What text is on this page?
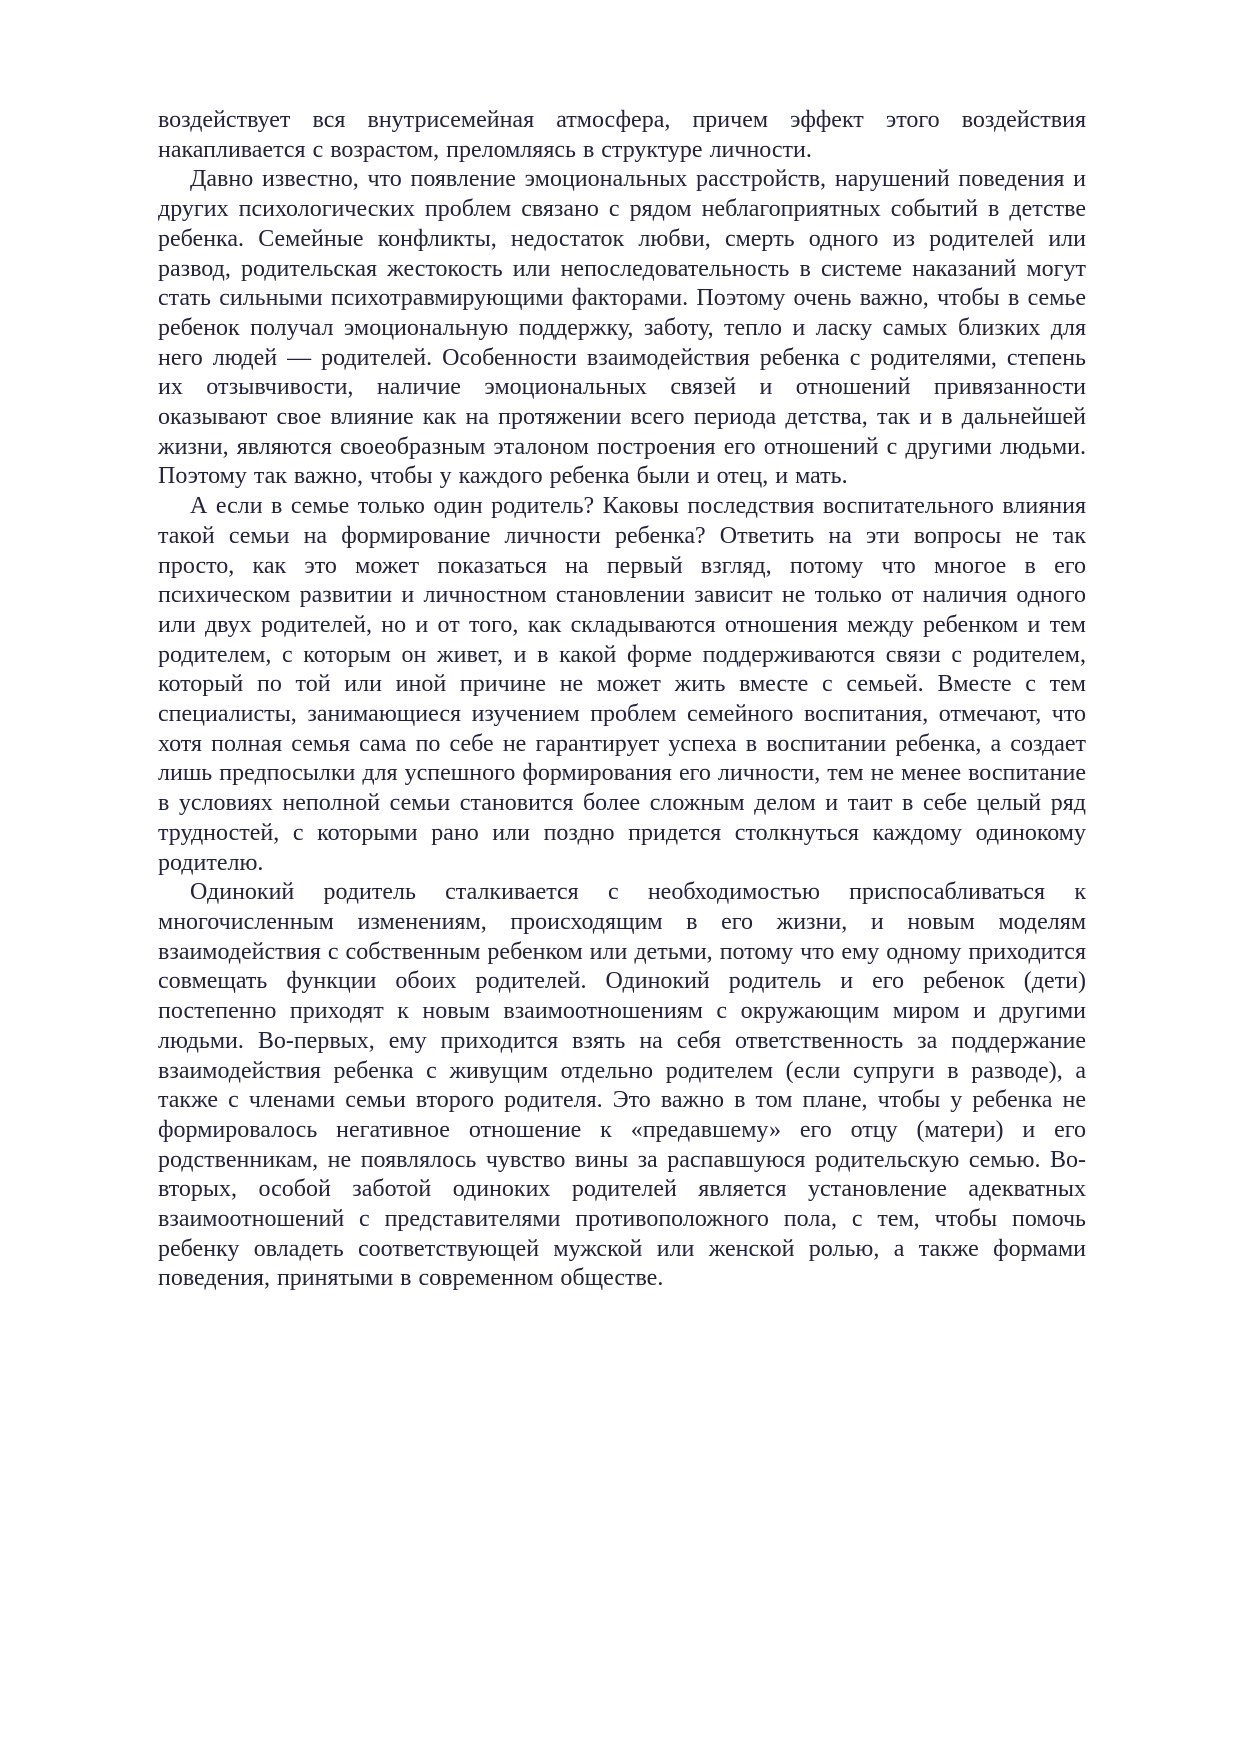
воздействует вся внутрисемейная атмосфера, причем эффект этого воздействия накапливается с возрастом, преломляясь в структуре личности.

Давно известно, что появление эмоциональных расстройств, нарушений поведения и других психологических проблем связано с рядом неблагоприятных событий в детстве ребенка. Семейные конфликты, недостаток любви, смерть одного из родителей или развод, родительская жестокость или непоследовательность в системе наказаний могут стать сильными психотравмирующими факторами. Поэтому очень важно, чтобы в семье ребенок получал эмоциональную поддержку, заботу, тепло и ласку самых близких для него людей — родителей. Особенности взаимодействия ребенка с родителями, степень их отзывчивости, наличие эмоциональных связей и отношений привязанности оказывают свое влияние как на протяжении всего периода детства, так и в дальнейшей жизни, являются своеобразным эталоном построения его отношений с другими людьми. Поэтому так важно, чтобы у каждого ребенка были и отец, и мать.

А если в семье только один родитель? Каковы последствия воспитательного влияния такой семьи на формирование личности ребенка? Ответить на эти вопросы не так просто, как это может показаться на первый взгляд, потому что многое в его психическом развитии и личностном становлении зависит не только от наличия одного или двух родителей, но и от того, как складываются отношения между ребенком и тем родителем, с которым он живет, и в какой форме поддерживаются связи с родителем, который по той или иной причине не может жить вместе с семьей. Вместе с тем специалисты, занимающиеся изучением проблем семейного воспитания, отмечают, что хотя полная семья сама по себе не гарантирует успеха в воспитании ребенка, а создает лишь предпосылки для успешного формирования его личности, тем не менее воспитание в условиях неполной семьи становится более сложным делом и таит в себе целый ряд трудностей, с которыми рано или поздно придется столкнуться каждому одинокому родителю.

Одинокий родитель сталкивается с необходимостью приспосабливаться к многочисленным изменениям, происходящим в его жизни, и новым моделям взаимодействия с собственным ребенком или детьми, потому что ему одному приходится совмещать функции обоих родителей. Одинокий родитель и его ребенок (дети) постепенно приходят к новым взаимоотношениям с окружающим миром и другими людьми. Во-первых, ему приходится взять на себя ответственность за поддержание взаимодействия ребенка с живущим отдельно родителем (если супруги в разводе), а также с членами семьи второго родителя. Это важно в том плане, чтобы у ребенка не формировалось негативное отношение к «предавшему» его отцу (матери) и его родственникам, не появлялось чувство вины за распавшуюся родительскую семью. Во-вторых, особой заботой одиноких родителей является установление адекватных взаимоотношений с представителями противоположного пола, с тем, чтобы помочь ребенку овладеть соответствующей мужской или женской ролью, а также формами поведения, принятыми в современном обществе.
